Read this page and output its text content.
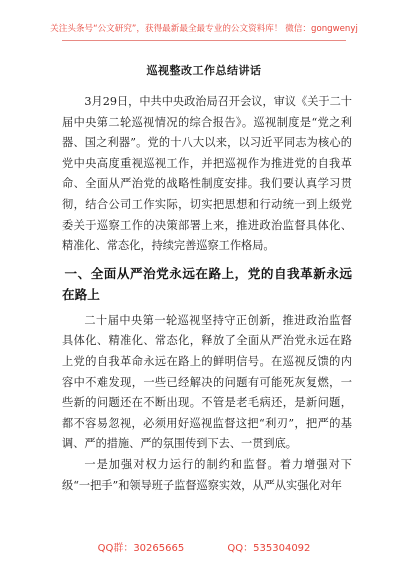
关注头条号“公文研究”，获得最新最全最专业的公文资料库！ 微信：gongwenyj
巡视整改工作总结讲话

3月29日，中共中央政治局召开会议，审议《关于二十届中央第二轮巡视情况的综合报告》。巡视制度是“党之利器、国之利器”。党的十八大以来，以习近平同志为核心的党中央高度重视巡视工作，并把巡视作为推进党的自我革命、全面从严治党的战略性制度安排。我们要认真学习贯彻，结合公司工作实际，切实把思想和行动统一到上级党委关于巡察工作的决策部署上来，推进政治监督具体化、精准化、常态化，持续完善巡察工作格局。

一、全面从严治党永远在路上，党的自我革新永远在路上

二十届中央第一轮巡视坚持守正创新，推进政治监督具体化、精准化、常态化，释放了全面从严治党永远在路上党的自我革命永远在路上的鲜明信号。在巡视反馈的内容中不难发现，一些已经解决的问题有可能死灰复燃，一些新的问题还在不断出现。不管是老毛病还，是新问题，都不容易忽视，必须用好巡视监督这把“利刃”，把严的基调、严的措施、严的氛围传到下去、一贯到底。

一是加强对权力运行的制约和监督。着力增强对下级“一把手”和领导班子监督巡察实效，从严从实强化对年

QQ群：30265665	QQ：535304092
